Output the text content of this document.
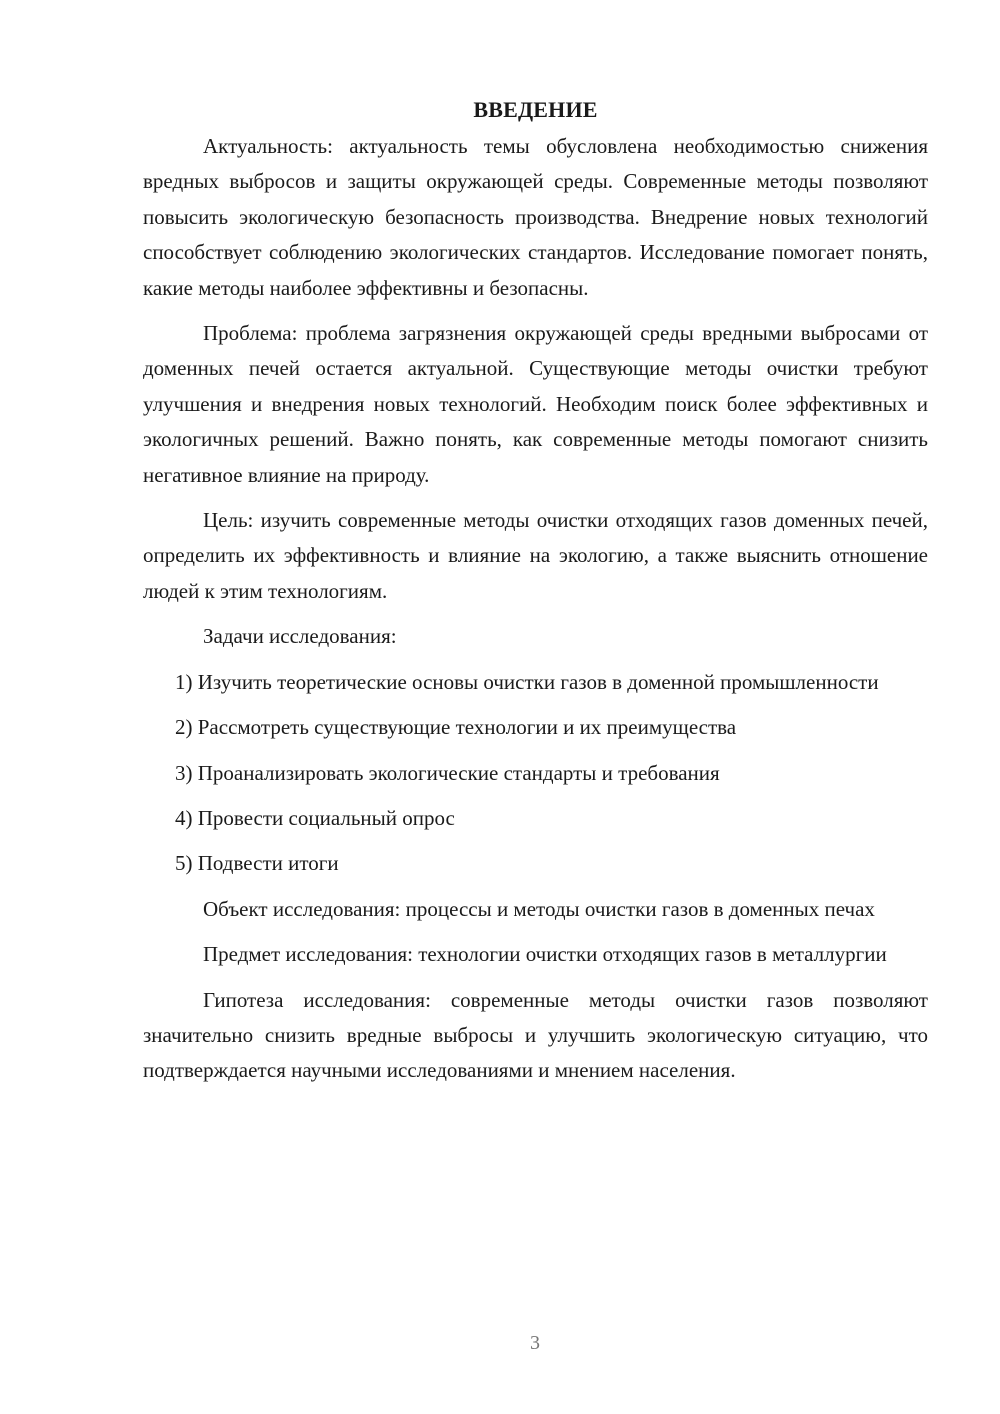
ВВЕДЕНИЕ

Актуальность: актуальность темы обусловлена необходимостью снижения вредных выбросов и защиты окружающей среды. Современные методы позволяют повысить экологическую безопасность производства. Внедрение новых технологий способствует соблюдению экологических стандартов. Исследование помогает понять, какие методы наиболее эффективны и безопасны.

Проблема: проблема загрязнения окружающей среды вредными выбросами от доменных печей остается актуальной. Существующие методы очистки требуют улучшения и внедрения новых технологий. Необходим поиск более эффективных и экологичных решений. Важно понять, как современные методы помогают снизить негативное влияние на природу.

Цель: изучить современные методы очистки отходящих газов доменных печей, определить их эффективность и влияние на экологию, а также выяснить отношение людей к этим технологиям.

Задачи исследования:

1) Изучить теоретические основы очистки газов в доменной промышленности

2) Рассмотреть существующие технологии и их преимущества

3) Проанализировать экологические стандарты и требования

4) Провести социальный опрос

5) Подвести итоги

Объект исследования: процессы и методы очистки газов в доменных печах

Предмет исследования: технологии очистки отходящих газов в металлургии

Гипотеза исследования: современные методы очистки газов позволяют значительно снизить вредные выбросы и улучшить экологическую ситуацию, что подтверждается научными исследованиями и мнением населения.

3
